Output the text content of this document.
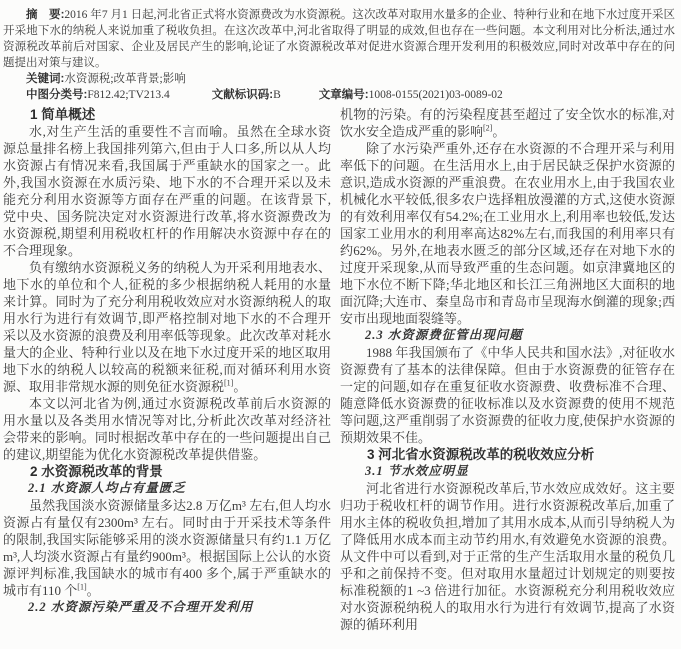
摘　要:2016 年7 月1 日起,河北省正式将水资源费改为水资源税。这次改革对取用水量多的企业、特种行业和在地下水过度开采区开采地下水的纳税人来说加重了税收负担。在这次改革中,河北省取得了明显的成效,但也存在一些问题。本文利用对比分析法,通过水资源税改革前后对国家、企业及居民产生的影响,论证了水资源税改革对促进水资源合理开发利用的积极效应,同时对改革中存在的问题提出对策与建议。

关键词:水资源税;改革背景;影响

中图分类号:F812.42;TV213.4	文献标识码:B	文章编号:1008-0155(2021)03-0089-02

1 简单概述

水,对生产生活的重要性不言而喻。虽然在全球水资源总量排名榜上我国排列第六,但由于人口多,所以从人均水资源占有情况来看,我国属于严重缺水的国家之一。此外,我国水资源在水质污染、地下水的不合理开采以及未能充分利用水资源等方面存在严重的问题。在该背景下,党中央、国务院决定对水资源进行改革,将水资源费改为水资源税,期望利用税收杠杆的作用解决水资源中存在的不合理现象。

负有缴纳水资源税义务的纳税人为开采利用地表水、地下水的单位和个人,征税的多少根据纳税人耗用的水量来计算。同时为了充分利用税收效应对水资源纳税人的取用水行为进行有效调节,即严格控制对地下水的不合理开采以及水资源的浪费及利用率低等现象。此次改革对耗水量大的企业、特种行业以及在地下水过度开采的地区取用地下水的纳税人以较高的税额来征税,而对循环利用水资源、取用非常规水源的则免征水资源税[1]。

本文以河北省为例,通过水资源税改革前后水资源的用水量以及各类用水情况等对比,分析此次改革对经济社会带来的影响。同时根据改革中存在的一些问题提出自己的建议,期望能为优化水资源税改革提供借鉴。

2 水资源税改革的背景
2.1 水资源人均占有量匮乏

虽然我国淡水资源储量多达2.8 万亿m³ 左右,但人均水资源占有量仅有2300m³ 左右。同时由于开采技术等条件的限制,我国实际能够采用的淡水资源储量只有约1.1 万亿m³,人均淡水资源占有量约900m³。根据国际上公认的水资源评判标准,我国缺水的城市有400 多个,属于严重缺水的城市有110 个[1]。

2.2 水资源污染严重及不合理开发利用

机物的污染。有的污染程度甚至超过了安全饮水的标准,对饮水安全造成严重的影响[2]。

除了水污染严重外,还存在水资源的不合理开采与利用率低下的问题。在生活用水上,由于居民缺乏保护水资源的意识,造成水资源的严重浪费。在农业用水上,由于我国农业机械化水平较低,很多农户选择粗放漫灌的方式,这使水资源的有效利用率仅有54.2%;在工业用水上,利用率也较低,发达国家工业用水的利用率高达82%左右,而我国的利用率只有约62%。另外,在地表水匮乏的部分区域,还存在对地下水的过度开采现象,从而导致严重的生态问题。如京津冀地区的地下水位不断下降;华北地区和长江三角洲地区大面积的地面沉降;大连市、秦皇岛市和青岛市呈现海水倒灌的现象;西安市出现地面裂缝等。

2.3 水资源费征管出现问题

1988 年我国颁布了《中华人民共和国水法》,对征收水资源费有了基本的法律保障。但由于水资源费的征管存在一定的问题,如存在重复征收水资源费、收费标准不合理、随意降低水资源费的征收标准以及水资源费的使用不规范等问题,这严重削弱了水资源费的征收力度,使保护水资源的预期效果不佳。

3 河北省水资源税改革的税收效应分析
3.1 节水效应明显

河北省进行水资源税改革后,节水效应成效好。这主要归功于税收杠杆的调节作用。进行水资源税改革后,加重了用水主体的税收负担,增加了其用水成本,从而引导纳税人为了降低用水成本而主动节约用水,有效避免水资源的浪费。从文件中可以看到,对于正常的生产生活取用水量的税负几乎和之前保持不变。但对取用水量超过计划规定的则要按标准税额的1 ~3 倍进行加征。水资源税充分利用税收效应对水资源税纳税人的取用水行为进行有效调节,提高了水资源的循环利用
